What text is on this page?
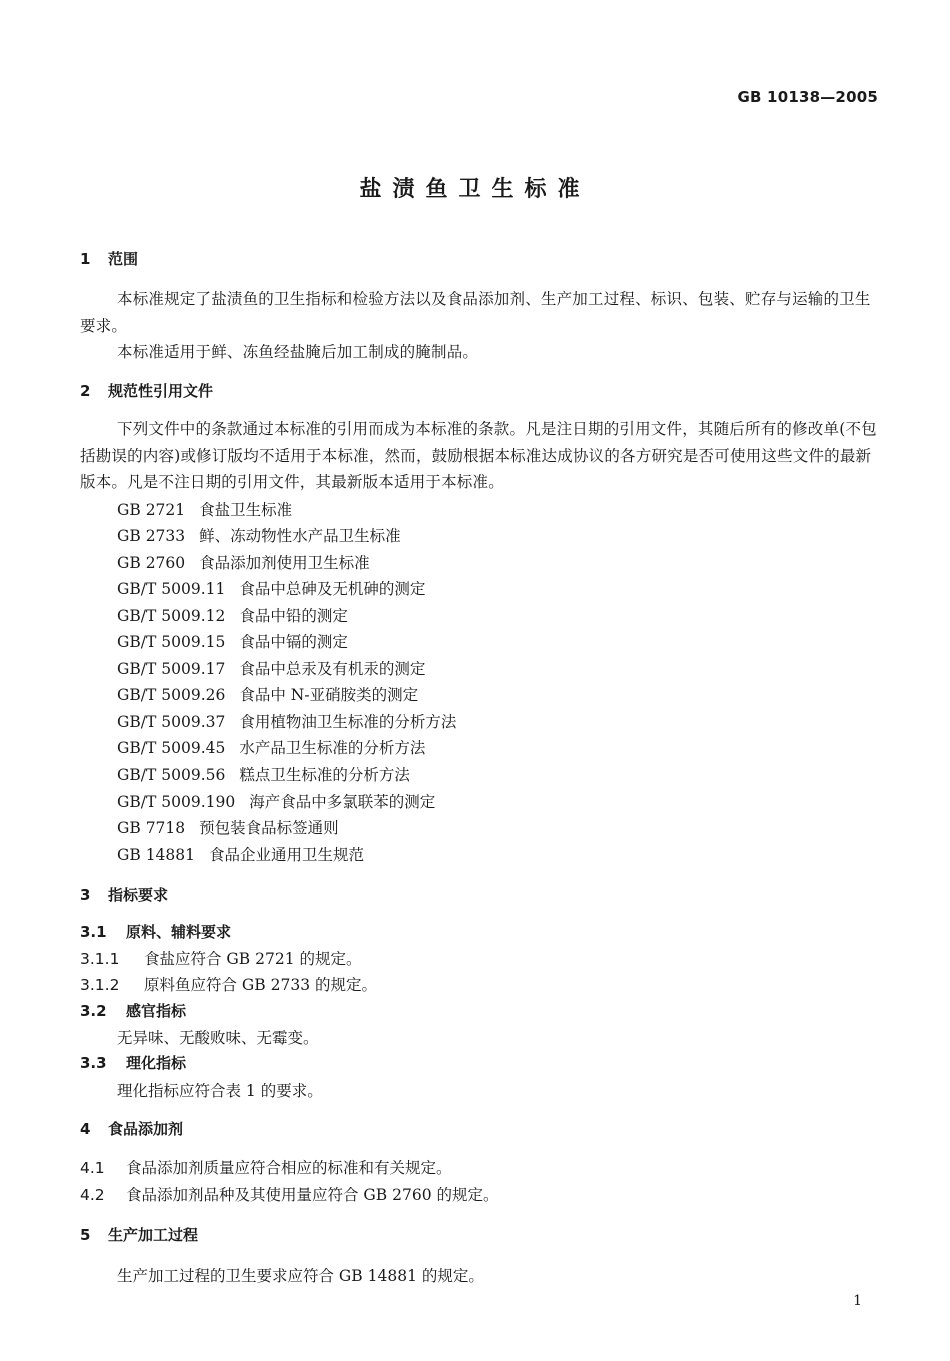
GB 10138—2005
盐渍鱼卫生标准
1 范围
本标准规定了盐渍鱼的卫生指标和检验方法以及食品添加剂、生产加工过程、标识、包装、贮存与运输的卫生要求。
本标准适用于鲜、冻鱼经盐腌后加工制成的腌制品。
2 规范性引用文件
下列文件中的条款通过本标准的引用而成为本标准的条款。凡是注日期的引用文件，其随后所有的修改单(不包括勘误的内容)或修订版均不适用于本标准，然而，鼓励根据本标准达成协议的各方研究是否可使用这些文件的最新版本。凡是不注日期的引用文件，其最新版本适用于本标准。
GB 2721 食盐卫生标准
GB 2733 鲜、冻动物性水产品卫生标准
GB 2760 食品添加剂使用卫生标准
GB/T 5009.11 食品中总砷及无机砷的测定
GB/T 5009.12 食品中铅的测定
GB/T 5009.15 食品中镉的测定
GB/T 5009.17 食品中总汞及有机汞的测定
GB/T 5009.26 食品中 N-亚硝胺类的测定
GB/T 5009.37 食用植物油卫生标准的分析方法
GB/T 5009.45 水产品卫生标准的分析方法
GB/T 5009.56 糕点卫生标准的分析方法
GB/T 5009.190 海产食品中多氯联苯的测定
GB 7718 预包装食品标签通则
GB 14881 食品企业通用卫生规范
3 指标要求
3.1 原料、辅料要求
3.1.1 食盐应符合 GB 2721 的规定。
3.1.2 原料鱼应符合 GB 2733 的规定。
3.2 感官指标
无异味、无酸败味、无霉变。
3.3 理化指标
理化指标应符合表 1 的要求。
4 食品添加剂
4.1 食品添加剂质量应符合相应的标准和有关规定。
4.2 食品添加剂品种及其使用量应符合 GB 2760 的规定。
5 生产加工过程
生产加工过程的卫生要求应符合 GB 14881 的规定。
1
